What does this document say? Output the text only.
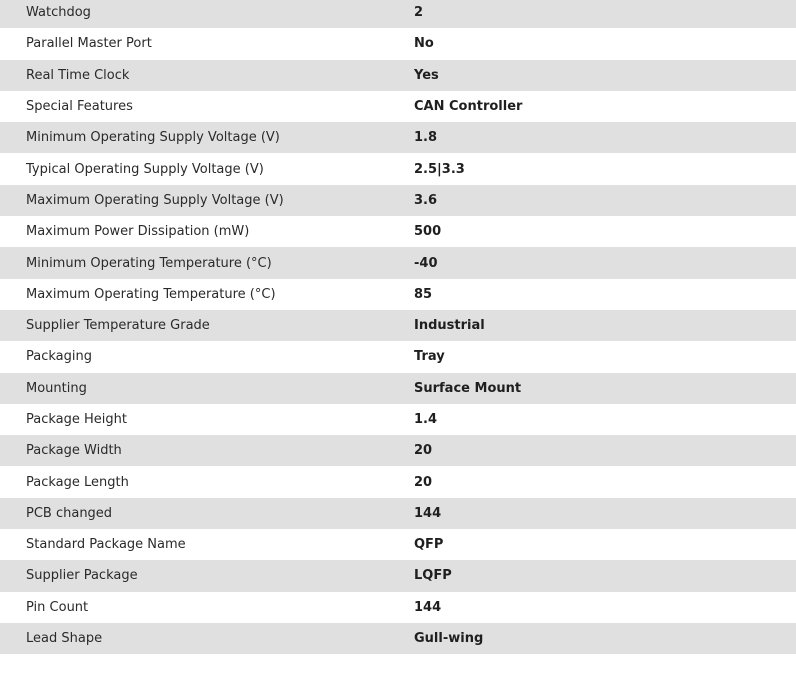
Watchdog	2
Parallel Master Port	No
Real Time Clock	Yes
Special Features	CAN Controller
Minimum Operating Supply Voltage (V)	1.8
Typical Operating Supply Voltage (V)	2.5|3.3
Maximum Operating Supply Voltage (V)	3.6
Maximum Power Dissipation (mW)	500
Minimum Operating Temperature (°C)	-40
Maximum Operating Temperature (°C)	85
Supplier Temperature Grade	Industrial
Packaging	Tray
Mounting	Surface Mount
Package Height	1.4
Package Width	20
Package Length	20
PCB changed	144
Standard Package Name	QFP
Supplier Package	LQFP
Pin Count	144
Lead Shape	Gull-wing
